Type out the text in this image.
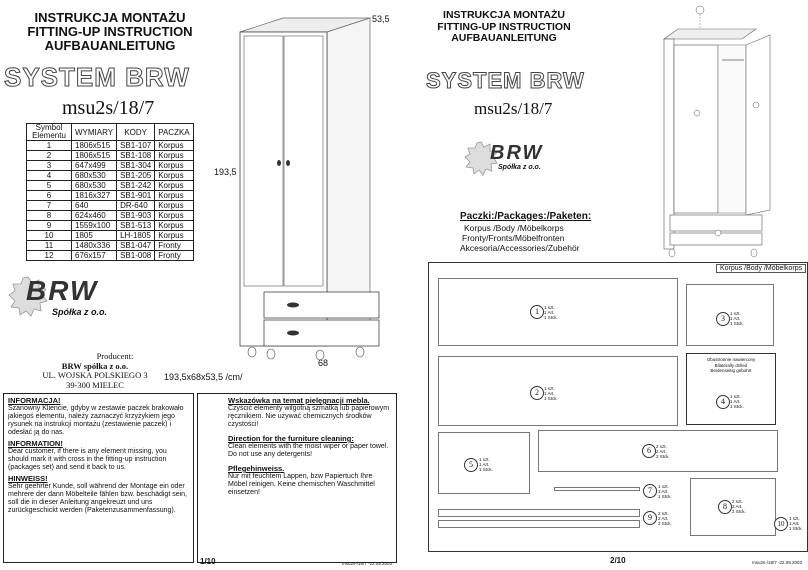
INSTRUKCJA MONTAŻU
FITTING-UP INSTRUCTION
AUFBAUANLEITUNG
SYSTEM BRW
msu2s/18/7
Symbol Elementu	WYMIARY	KODY	PACZKA
1	1806x515	SB1-107	Korpus
2	1806x515	SB1-108	Korpus
3	647x499	SB1-304	Korpus
4	680x530	SB1-205	Korpus
5	680x530	SB1-242	Korpus
6	1816x327	SB1-901	Korpus
7	640	DR-640	Korpus
8	624x460	SB1-903	Korpus
9	1559x100	SB1-513	Korpus
10	1805	LH-1805	Korpus
11	1480x336	SB1-047	Fronty
12	676x157	SB1-008	Fronty
BRW
Spółka z o.o.
Producent:
BRW spółka z o.o.
UL. WOJSKA POLSKIEGO 3
39-300 MIELEC
53,5
193,5
68
193,5x68x53,5 /cm/
INFORMACJA!
Szanowny Kliencie, gdyby w zestawie paczek brakowało jakiegoś elementu, należy zaznaczyć krzyżykiem jego rysunek na instrukcji montażu (zestawienie paczek) i odesłać ją do nas.
INFORMATION!
Dear customer, if there is any element missing, you should mark it with cross in the fitting-up instruction (packages set) and send it back to us.
HINWEISS!
Sehr geehrter Kunde, soll während der Montage ein oder mehrere der dann Möbelteile fählen bzw. beschädigt sein, soll die in dieser Anleitung angekreuzt und uns zurückgeschickt werden (Paketenzusammenfassung).
Wskazówka na temat pielęgnacji mebla.
Czyścić elementy wilgotną szmatką lub papierowym ręcznikiem. Nie używać chemicznych środków czystości!
Direction for the furniture cleaning:
Clean elements with the moist wiper or paper towel. Do not use any detergents!
Pflegehinweiss.
Nur mit feuchtem Lappen, bzw Papiertuch Ihre Möbel reinigen. Keine chemischen Waschmittel einsetzen!
1/10	msu2s-/18/7 -22.09.2003
INSTRUKCJA MONTAŻU
FITTING-UP INSTRUCTION
AUFBAUANLEITUNG
SYSTEM BRW
msu2s/18/7
BRW
Spółka z o.o.
Paczki:/Packages:/Paketen:
Korpus /Body /Möbelkorps
Fronty/Fronts/Möbelfronten
Akcesoria/Accessories/Zubehör
Korpus /Body /Möbelkorps
1	1 szt.
1 Art.
1 Stck.
2	1 szt.
1 Art.
1 Stck.
3
1 szt.
1 Art.
1 Stck.
Obustronnie nawiercony
Bilaterally drilled
Beidenseitig gebohrt
4
1 szt.
1 Art.
1 Stck.
5
1 szt.
1 Art.
1 Stck.
6	2 szt.
2 Art.
2 Stck.
7	1 szt.
1 Art.
1 Stck.
8
2 szt.
2 Art.
2 Stck.
9	2 szt.
2 Art.
2 Stck.	10
1 szt.
1 Art.
1 Stck.
2/10	msu2s-/18/7 -22.09.2003
